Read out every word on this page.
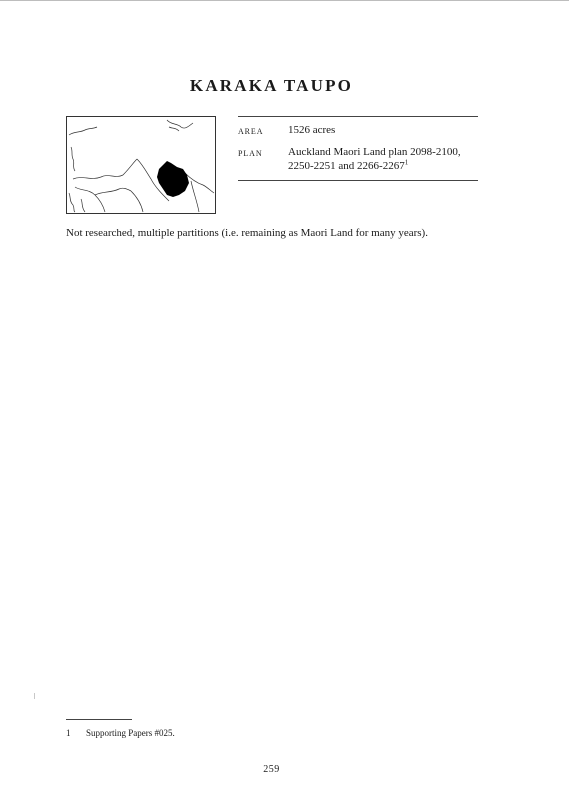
KARAKA TAUPO
AREA	1526 acres
PLAN	Auckland Maori Land plan 2098-2100,
2250-2251 and 2266-2267$^1$

Not researched, multiple partitions (i.e. remaining as Maori Land for many years).

1	Supporting Papers #025.
259
